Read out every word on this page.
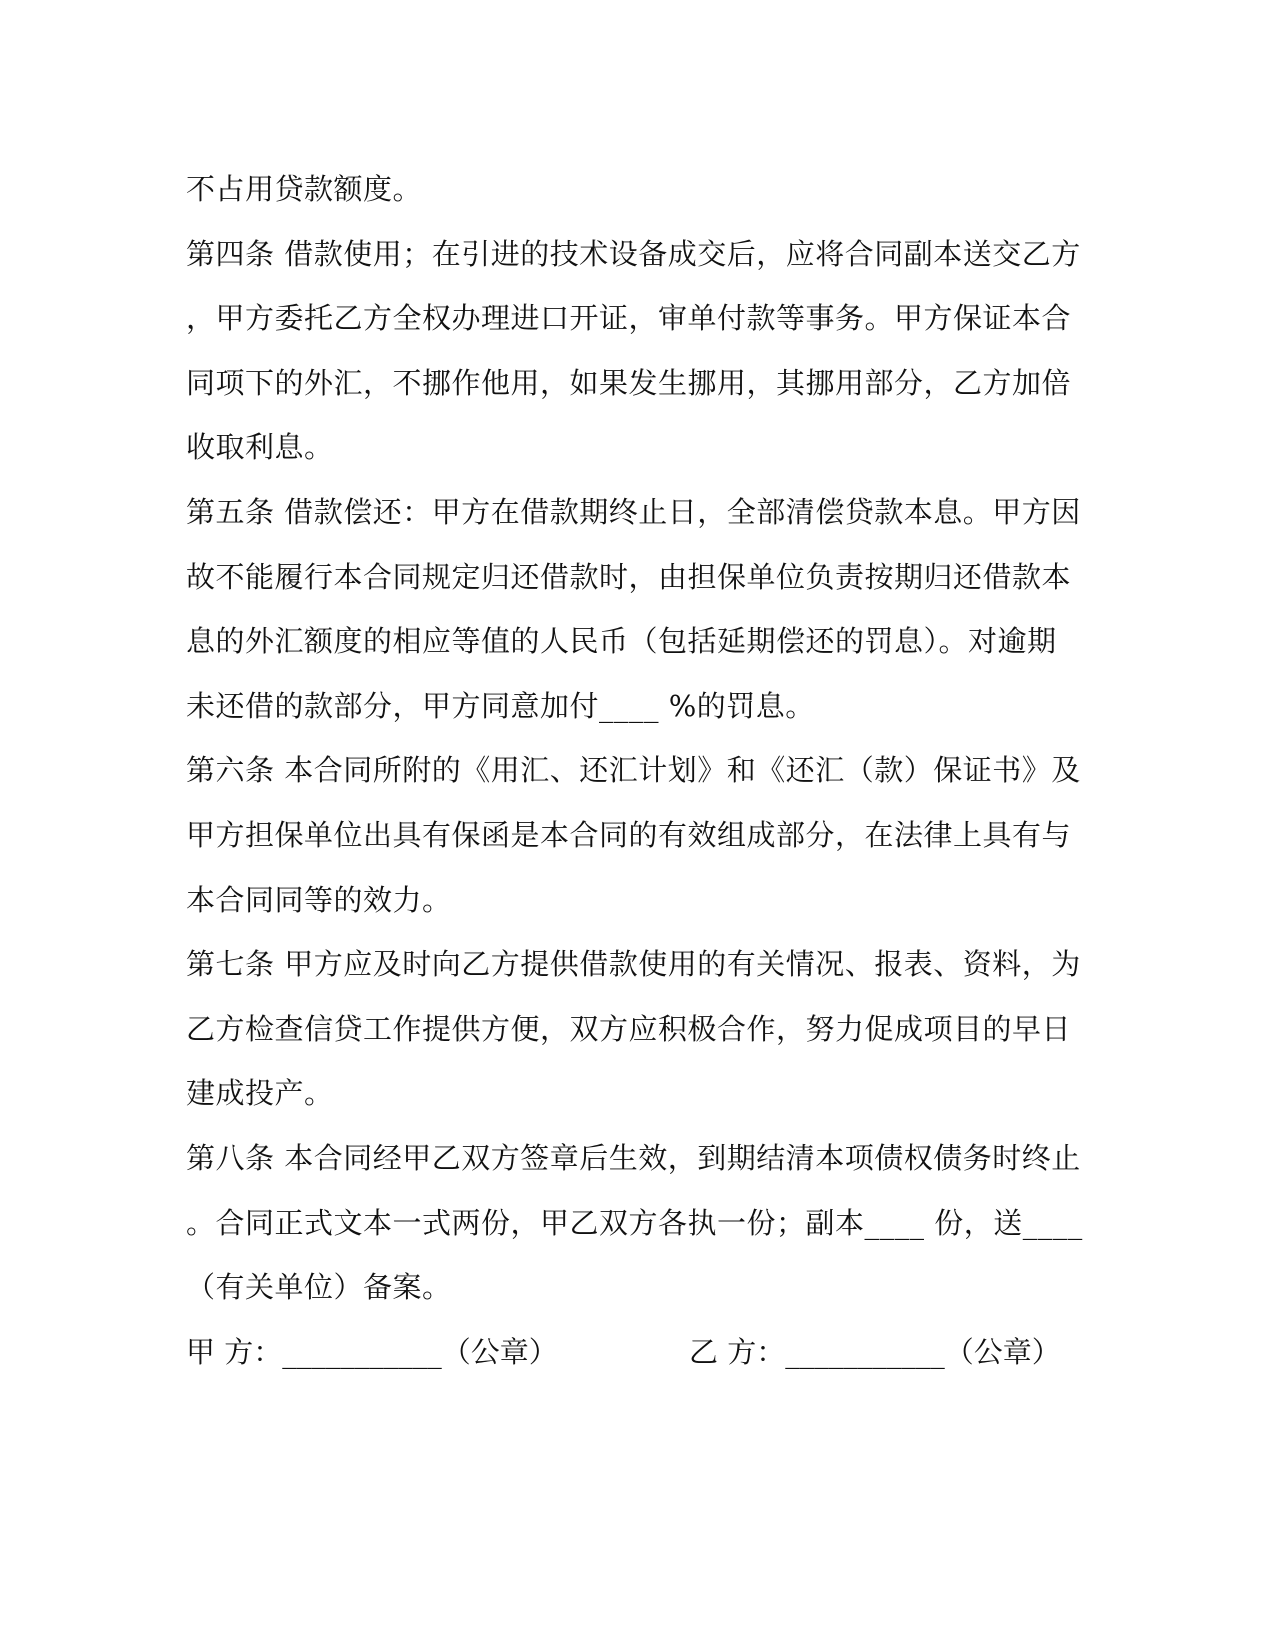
不占用贷款额度。
第四条 借款使用；在引进的技术设备成交后，应将合同副本送交乙方
，甲方委托乙方全权办理进口开证，审单付款等事务。甲方保证本合
同项下的外汇，不挪作他用，如果发生挪用，其挪用部分，乙方加倍
收取利息。
第五条 借款偿还：甲方在借款期终止日，全部清偿贷款本息。甲方因
故不能履行本合同规定归还借款时，由担保单位负责按期归还借款本
息的外汇额度的相应等值的人民币（包括延期偿还的罚息）。对逾期
未还借的款部分，甲方同意加付____ %的罚息。
第六条 本合同所附的《用汇、还汇计划》和《还汇（款）保证书》及
甲方担保单位出具有保函是本合同的有效组成部分，在法律上具有与
本合同同等的效力。
第七条 甲方应及时向乙方提供借款使用的有关情况、报表、资料，为
乙方检查信贷工作提供方便，双方应积极合作，努力促成项目的早日
建成投产。
第八条 本合同经甲乙双方签章后生效，到期结清本项债权债务时终止
。合同正式文本一式两份，甲乙双方各执一份；副本____ 份，送____
（有关单位）备案。
甲 方：___________（公章）	乙 方：___________（公章）
